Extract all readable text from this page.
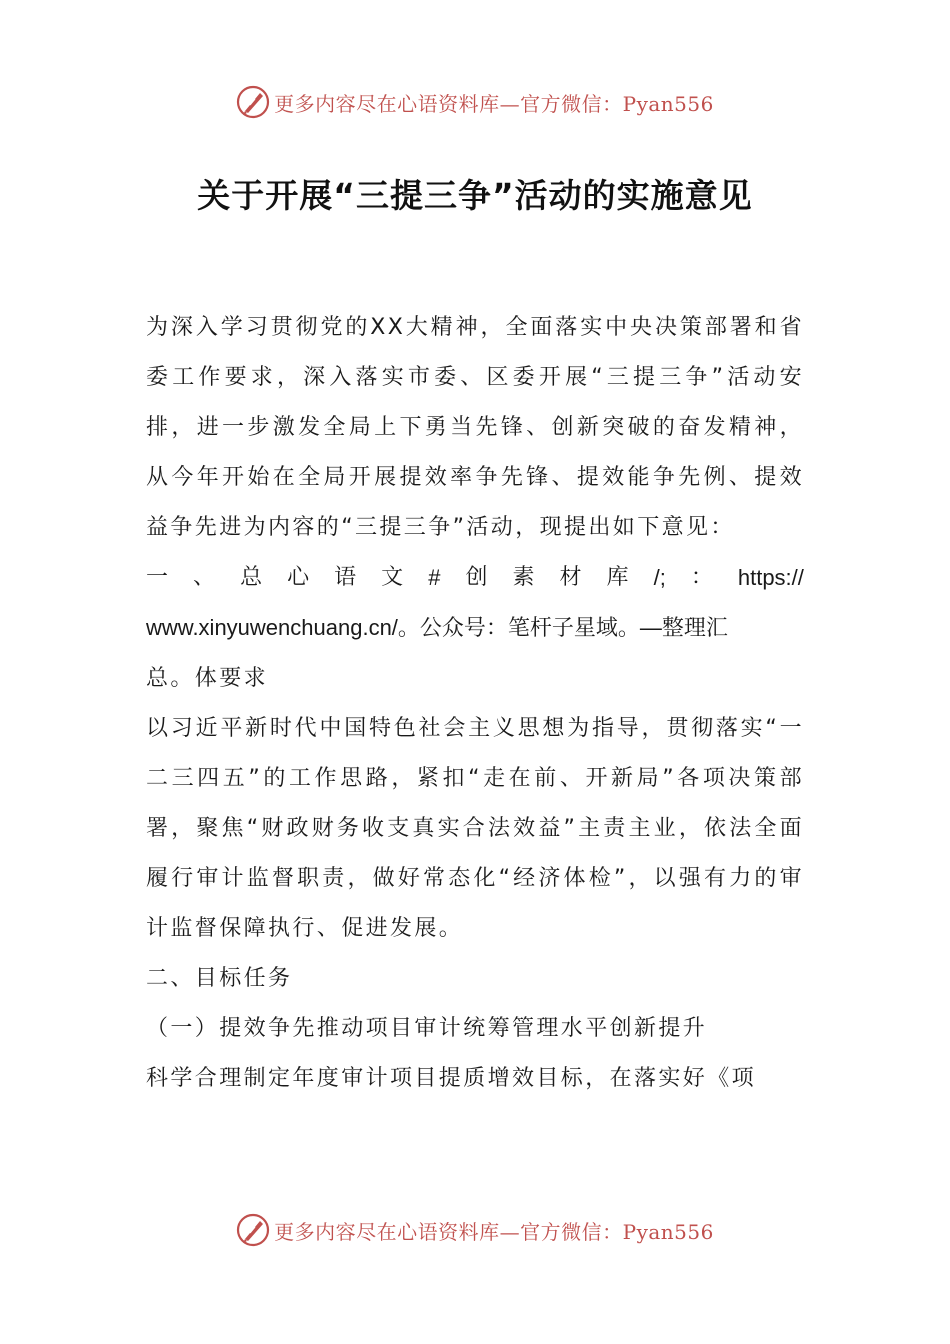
更多内容尽在心语资料库—官方微信：Pyan556
关于开展“三提三争”活动的实施意见

为深入学习贯彻党的XX大精神，全面落实中央决策部署和省委工作要求，深入落实市委、区委开展“三提三争”活动安排，进一步激发全局上下勇当先锋、创新突破的奋发精神，从今年开始在全局开展提效率争先锋、提效能争先例、提效益争先进为内容的“三提三争”活动，现提出如下意见：

一 、 总 心 语 文 # 创 素 材 库 /; ： https://

www.xinyuwenchuang.cn/。公众号：笔杆子星域。—整理汇

总。体要求

以习近平新时代中国特色社会主义思想为指导，贯彻落实“一二三四五”的工作思路，紧扣“走在前、开新局”各项决策部署，聚焦“财政财务收支真实合法效益”主责主业，依法全面履行审计监督职责，做好常态化“经济体检”，以强有力的审计监督保障执行、促进发展。

二、目标任务

（一）提效争先推动项目审计统筹管理水平创新提升

科学合理制定年度审计项目提质增效目标，在落实好《项

更多内容尽在心语资料库—官方微信：Pyan556
